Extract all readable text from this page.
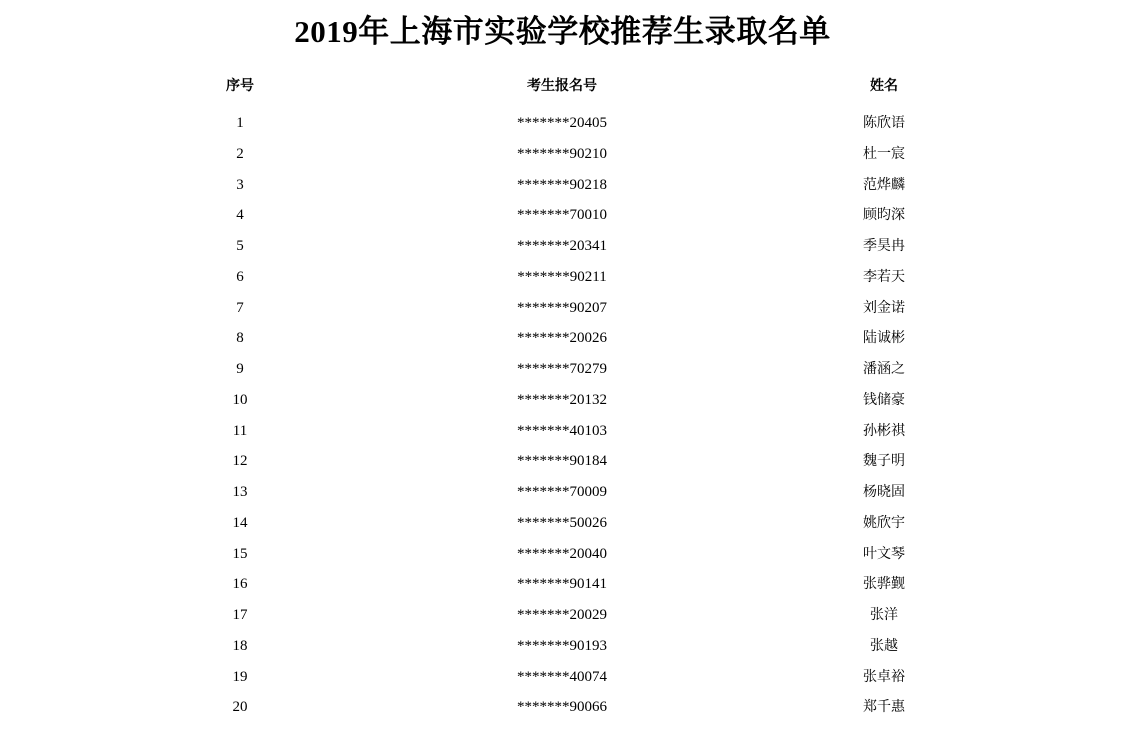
2019年上海市实验学校推荐生录取名单
序号	考生报名号	姓名
1	*******20405	陈欣语
2	*******90210	杜一宸
3	*******90218	范烨麟
4	*******70010	顾昀深
5	*******20341	季昊冉
6	*******90211	李若天
7	*******90207	刘金诺
8	*******20026	陆诚彬
9	*******70279	潘涵之
10	*******20132	钱储豪
11	*******40103	孙彬祺
12	*******90184	魏子明
13	*******70009	杨晓固
14	*******50026	姚欣宇
15	*******20040	叶文琴
16	*******90141	张骅觐
17	*******20029	张洋
18	*******90193	张越
19	*******40074	张卓裕
20	*******90066	郑千惠
